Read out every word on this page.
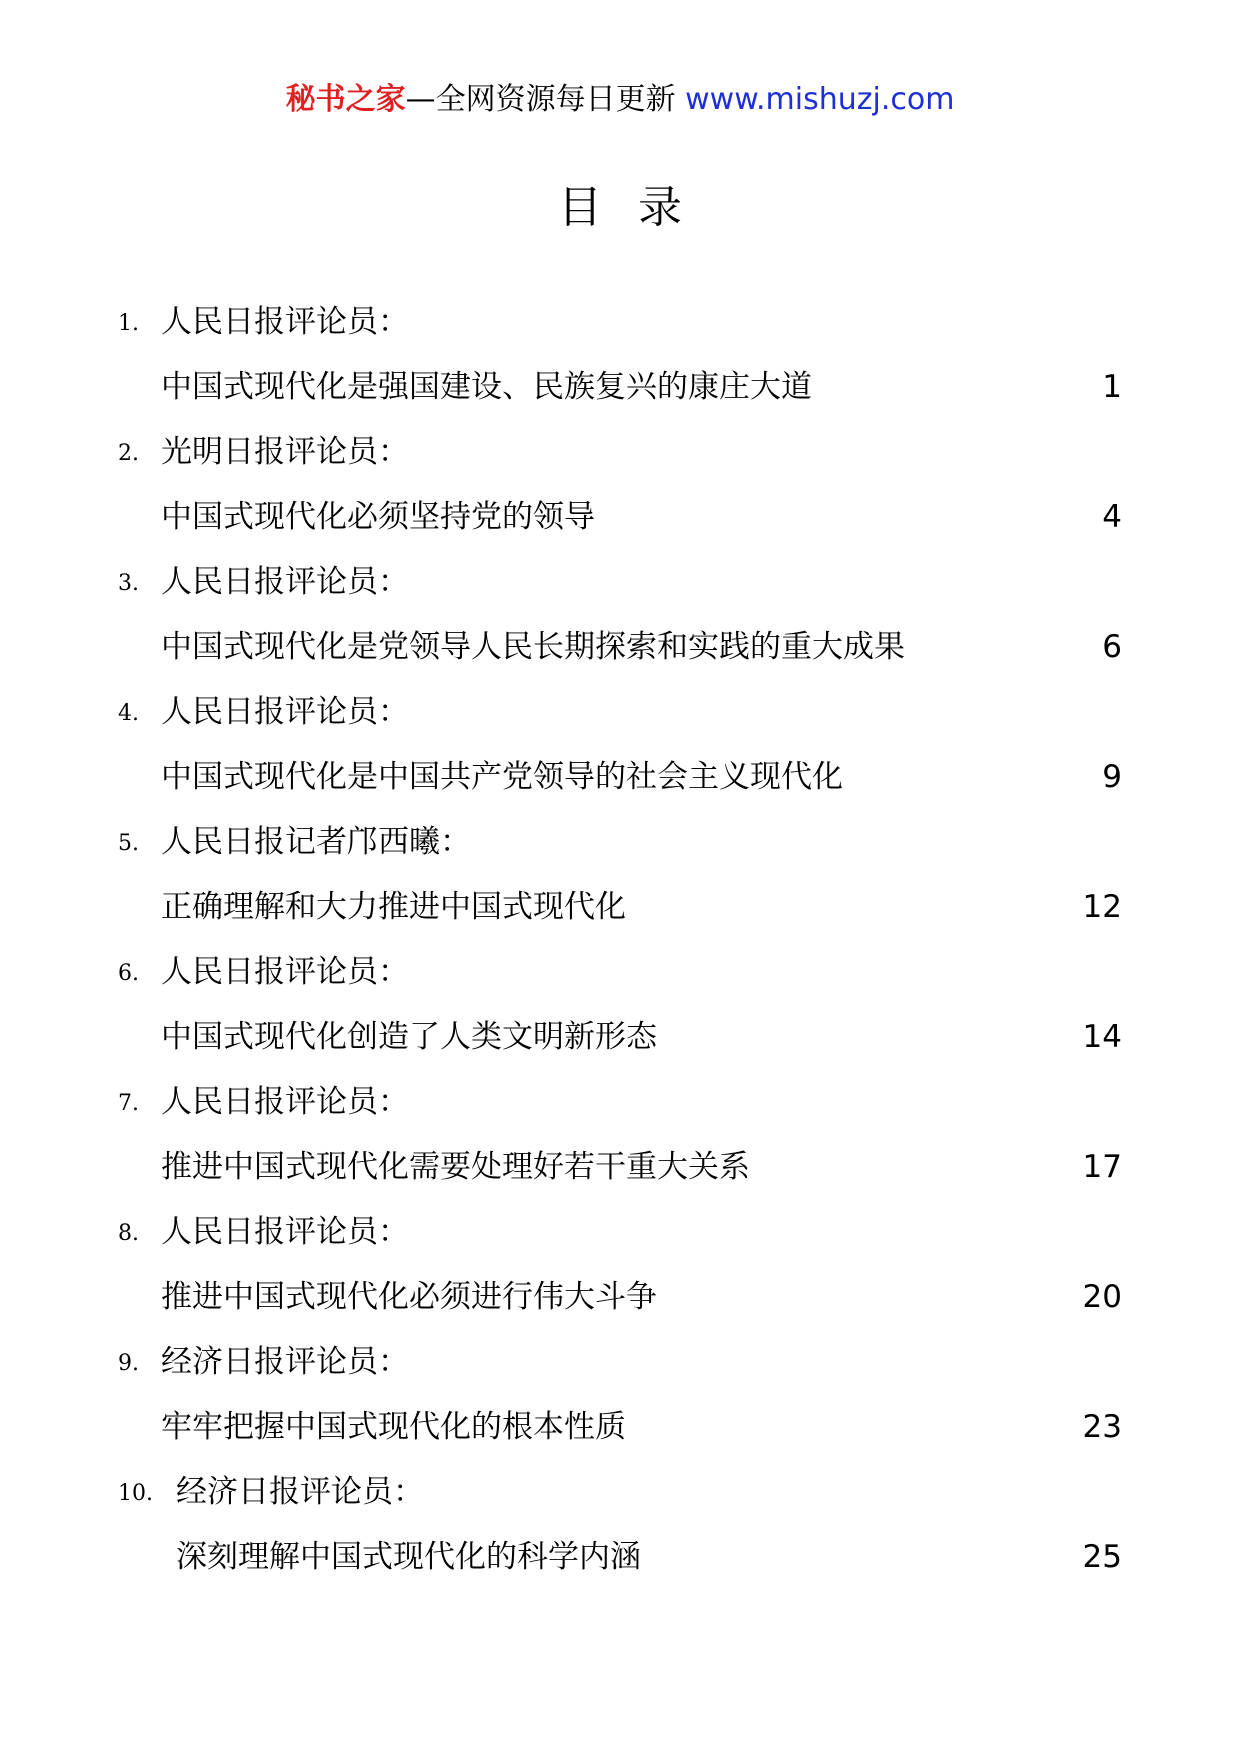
秘书之家—全网资源每日更新 www.mishuzj.com
目录
1. 人民日报评论员：
中国式现代化是强国建设、民族复兴的康庄大道	1
2. 光明日报评论员：
中国式现代化必须坚持党的领导	4
3. 人民日报评论员：
中国式现代化是党领导人民长期探索和实践的重大成果	6
4. 人民日报评论员：
中国式现代化是中国共产党领导的社会主义现代化	9
5. 人民日报记者邝西曦：
正确理解和大力推进中国式现代化	12
6. 人民日报评论员：
中国式现代化创造了人类文明新形态	14
7. 人民日报评论员：
推进中国式现代化需要处理好若干重大关系	17
8. 人民日报评论员：
推进中国式现代化必须进行伟大斗争	20
9. 经济日报评论员：
牢牢把握中国式现代化的根本性质	23
10. 经济日报评论员：
深刻理解中国式现代化的科学内涵	25
